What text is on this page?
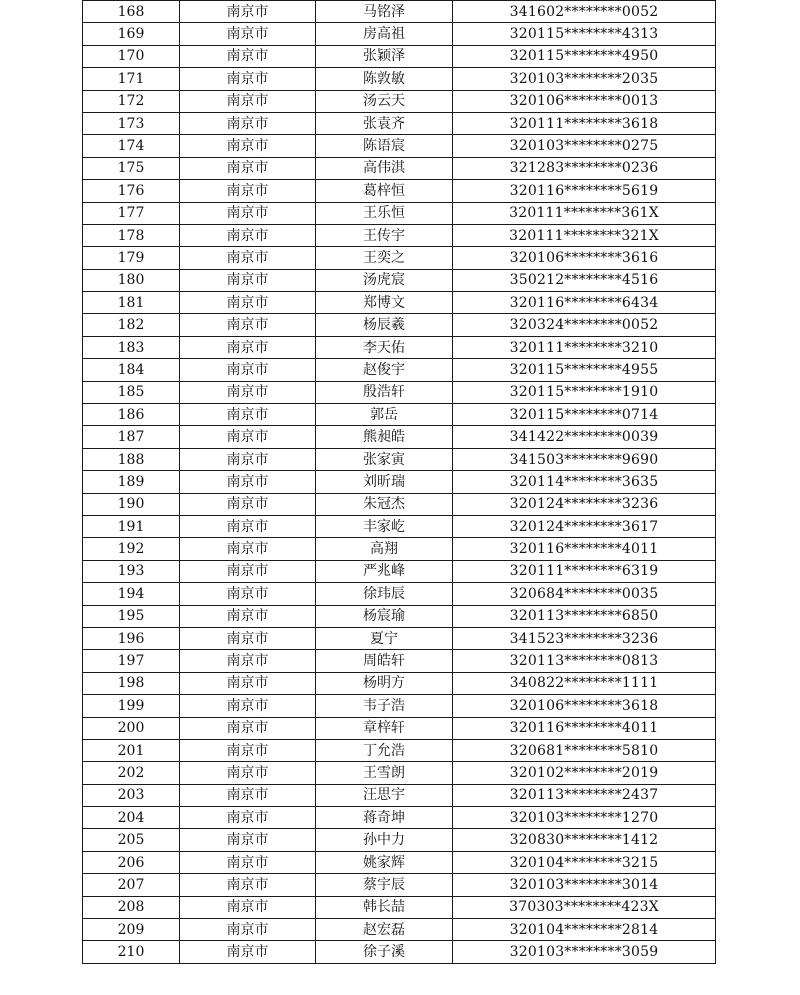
168	南京市	马铭泽	341602********0052
169	南京市	房高祖	320115********4313
170	南京市	张颖泽	320115********4950
171	南京市	陈敦敏	320103********2035
172	南京市	汤云天	320106********0013
173	南京市	张袁齐	320111********3618
174	南京市	陈语宸	320103********0275
175	南京市	高伟淇	321283********0236
176	南京市	葛梓恒	320116********5619
177	南京市	王乐恒	320111********361X
178	南京市	王传宇	320111********321X
179	南京市	王奕之	320106********3616
180	南京市	汤虎宸	350212********4516
181	南京市	郑博文	320116********6434
182	南京市	杨辰羲	320324********0052
183	南京市	李天佑	320111********3210
184	南京市	赵俊宇	320115********4955
185	南京市	殷浩轩	320115********1910
186	南京市	郭岳	320115********0714
187	南京市	熊昶皓	341422********0039
188	南京市	张家寅	341503********9690
189	南京市	刘昕瑞	320114********3635
190	南京市	朱冠杰	320124********3236
191	南京市	丰家屹	320124********3617
192	南京市	高翔	320116********4011
193	南京市	严兆峰	320111********6319
194	南京市	徐玮辰	320684********0035
195	南京市	杨宸瑜	320113********6850
196	南京市	夏宁	341523********3236
197	南京市	周皓轩	320113********0813
198	南京市	杨明方	340822********1111
199	南京市	韦子浩	320106********3618
200	南京市	章梓轩	320116********4011
201	南京市	丁允浩	320681********5810
202	南京市	王雪朗	320102********2019
203	南京市	汪思宇	320113********2437
204	南京市	蒋奇坤	320103********1270
205	南京市	孙中力	320830********1412
206	南京市	姚家辉	320104********3215
207	南京市	蔡宇辰	320103********3014
208	南京市	韩长喆	370303********423X
209	南京市	赵宏磊	320104********2814
210	南京市	徐子溪	320103********3059
